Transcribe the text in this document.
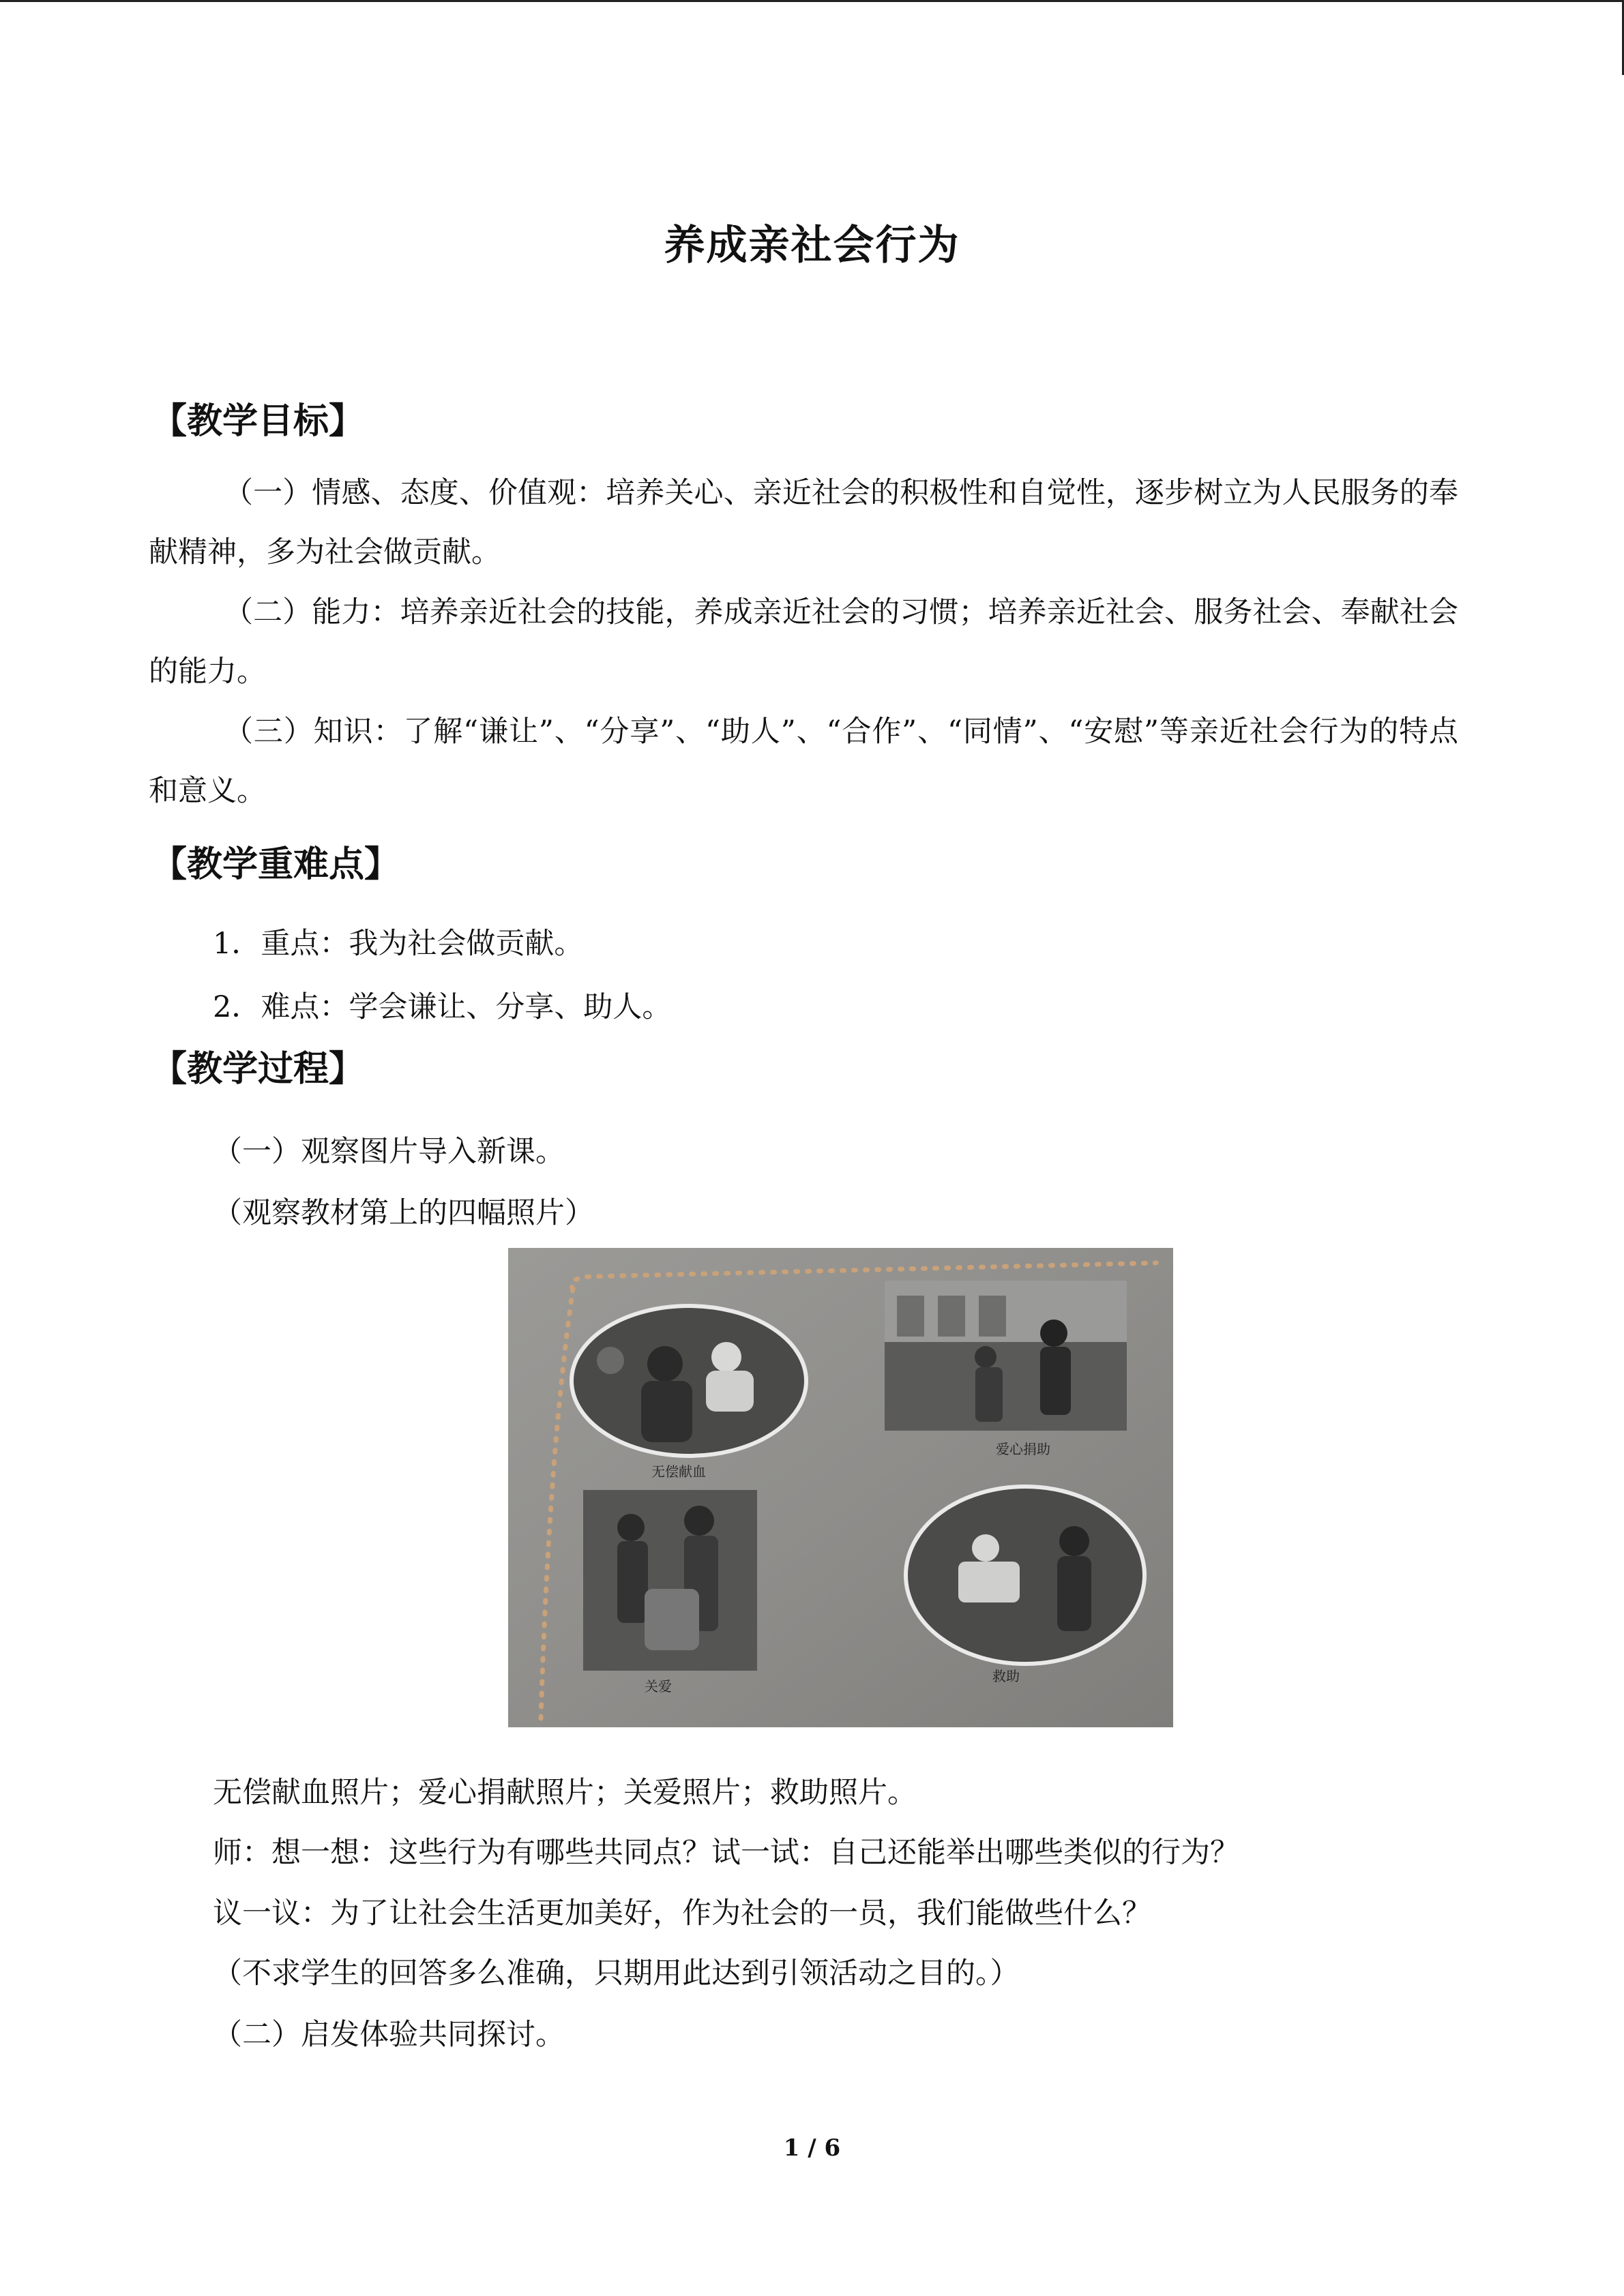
养成亲社会行为
【教学目标】
（一）情感、态度、价值观：培养关心、亲近社会的积极性和自觉性，逐步树立为人民服务的奉献精神，多为社会做贡献。
（二）能力：培养亲近社会的技能，养成亲近社会的习惯；培养亲近社会、服务社会、奉献社会的能力。
（三）知识：了解“谦让”、“分享”、“助人”、“合作”、“同情”、“安慰”等亲近社会行为的特点和意义。
【教学重难点】
1．重点：我为社会做贡献。
2．难点：学会谦让、分享、助人。
【教学过程】
（一）观察图片导入新课。
（观察教材第上的四幅照片）
无偿献血
爱心捐助
关爱
救助
无偿献血照片；爱心捐献照片；关爱照片；救助照片。
师：想一想：这些行为有哪些共同点？试一试：自己还能举出哪些类似的行为？
议一议：为了让社会生活更加美好，作为社会的一员，我们能做些什么？
（不求学生的回答多么准确，只期用此达到引领活动之目的。）
（二）启发体验共同探讨。
1 / 6
